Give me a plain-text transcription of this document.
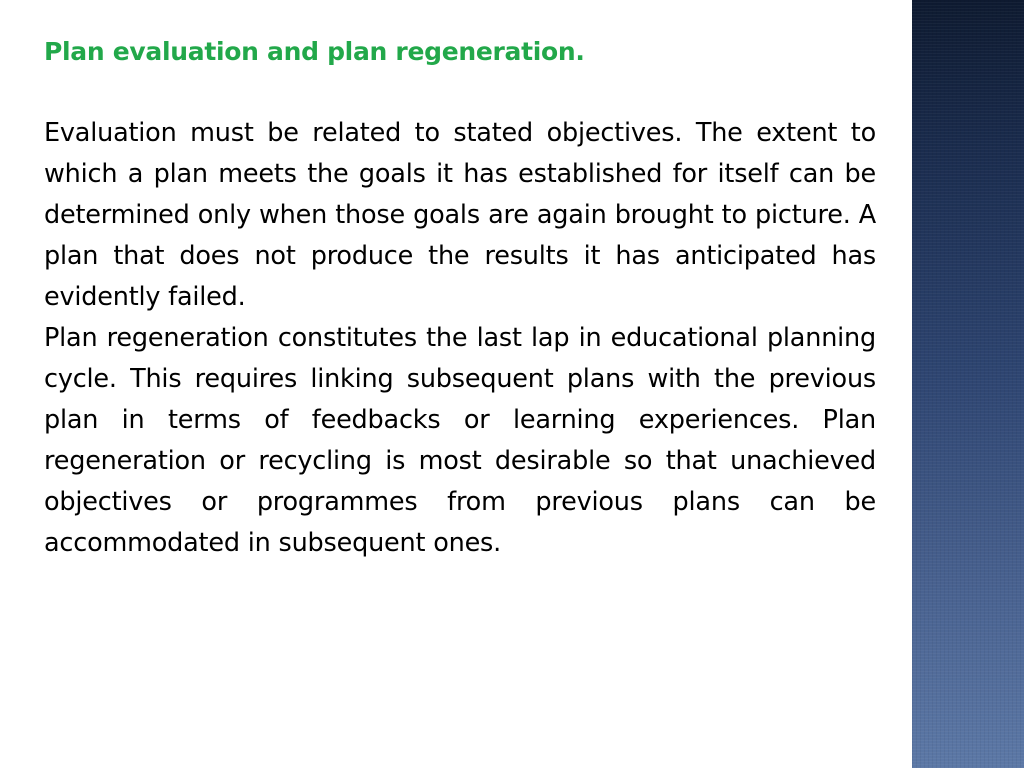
Plan evaluation and plan regeneration.

Evaluation must be related to stated objectives. The extent to which a plan meets the goals it has established for itself can be determined only when those goals are again brought to picture. A plan that does not produce the results it has anticipated has evidently failed.

Plan regeneration constitutes the last lap in educational planning cycle. This requires linking subsequent plans with the previous plan in terms of feedbacks or learning experiences. Plan regeneration or recycling is most desirable so that unachieved objectives or programmes from previous plans can be accommodated in subsequent ones.
